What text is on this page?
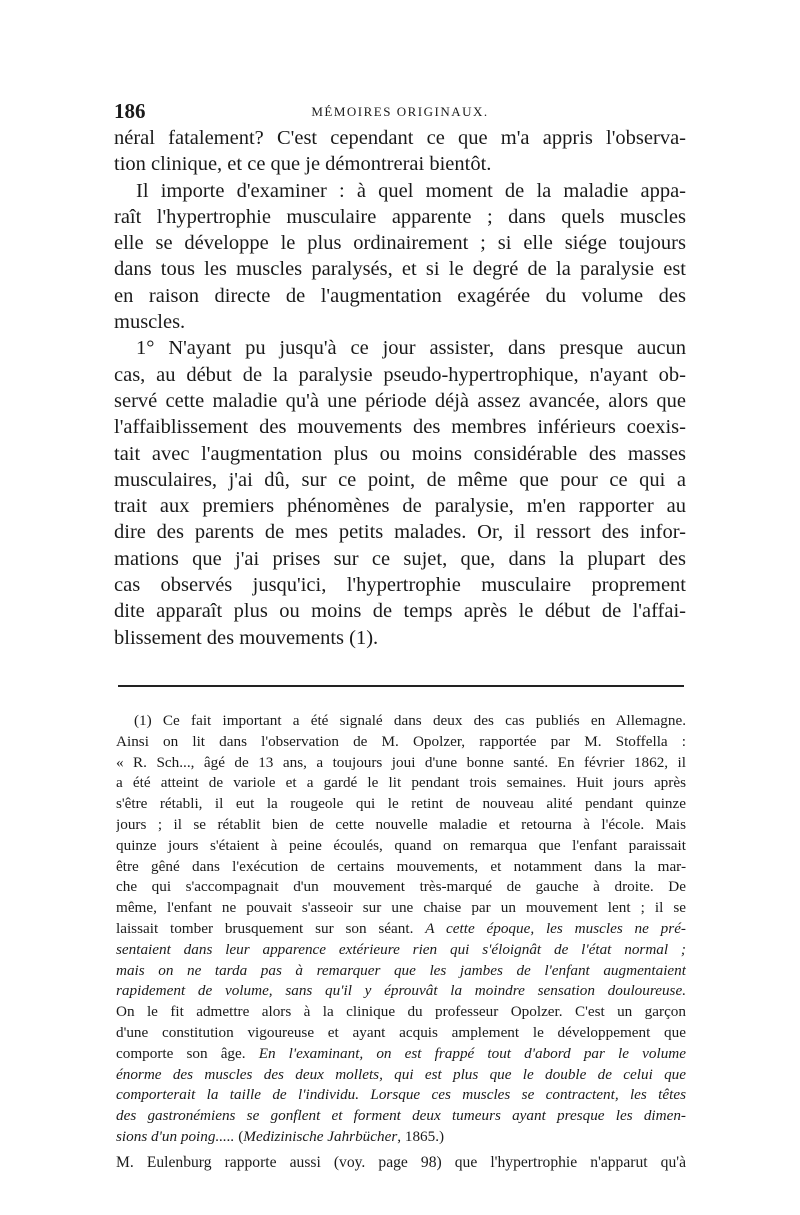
186	MÉMOIRES ORIGINAUX.
néral fatalement? C'est cependant ce que m'a appris l'observa-
tion clinique, et ce que je démontrerai bientôt.
Il importe d'examiner : à quel moment de la maladie appa-
raît l'hypertrophie musculaire apparente ; dans quels muscles
elle se développe le plus ordinairement ; si elle siége toujours
dans tous les muscles paralysés, et si le degré de la paralysie est
en raison directe de l'augmentation exagérée du volume des
muscles.
1° N'ayant pu jusqu'à ce jour assister, dans presque aucun
cas, au début de la paralysie pseudo-hypertrophique, n'ayant ob-
servé cette maladie qu'à une période déjà assez avancée, alors que
l'affaiblissement des mouvements des membres inférieurs coexis-
tait avec l'augmentation plus ou moins considérable des masses
musculaires, j'ai dû, sur ce point, de même que pour ce qui a
trait aux premiers phénomènes de paralysie, m'en rapporter au
dire des parents de mes petits malades. Or, il ressort des infor-
mations que j'ai prises sur ce sujet, que, dans la plupart des
cas observés jusqu'ici, l'hypertrophie musculaire proprement
dite apparaît plus ou moins de temps après le début de l'affai-
blissement des mouvements (1).
(1) Ce fait important a été signalé dans deux des cas publiés en Allemagne.
Ainsi on lit dans l'observation de M. Opolzer, rapportée par M. Stoffella :
« R. Sch..., âgé de 13 ans, a toujours joui d'une bonne santé. En février 1862, il
a été atteint de variole et a gardé le lit pendant trois semaines. Huit jours après
s'être rétabli, il eut la rougeole qui le retint de nouveau alité pendant quinze
jours ; il se rétablit bien de cette nouvelle maladie et retourna à l'école. Mais
quinze jours s'étaient à peine écoulés, quand on remarqua que l'enfant paraissait
être gêné dans l'exécution de certains mouvements, et notamment dans la mar-
che qui s'accompagnait d'un mouvement très-marqué de gauche à droite. De
même, l'enfant ne pouvait s'asseoir sur une chaise par un mouvement lent ; il se
laissait tomber brusquement sur son séant. A cette époque, les muscles ne pré-
sentaient dans leur apparence extérieure rien qui s'éloignât de l'état normal ;
mais on ne tarda pas à remarquer que les jambes de l'enfant augmentaient
rapidement de volume, sans qu'il y éprouvât la moindre sensation douloureuse.
On le fit admettre alors à la clinique du professeur Opolzer. C'est un garçon
d'une constitution vigoureuse et ayant acquis amplement le développement que
comporte son âge. En l'examinant, on est frappé tout d'abord par le volume
énorme des muscles des deux mollets, qui est plus que le double de celui que
comporterait la taille de l'individu. Lorsque ces muscles se contractent, les têtes
des gastronémiens se gonflent et forment deux tumeurs ayant presque les dimen-
sions d'un poing..... (Medizinische Jahrbücher, 1865.)
M. Eulenburg rapporte aussi (voy. page 98) que l'hypertrophie n'apparut qu'à
